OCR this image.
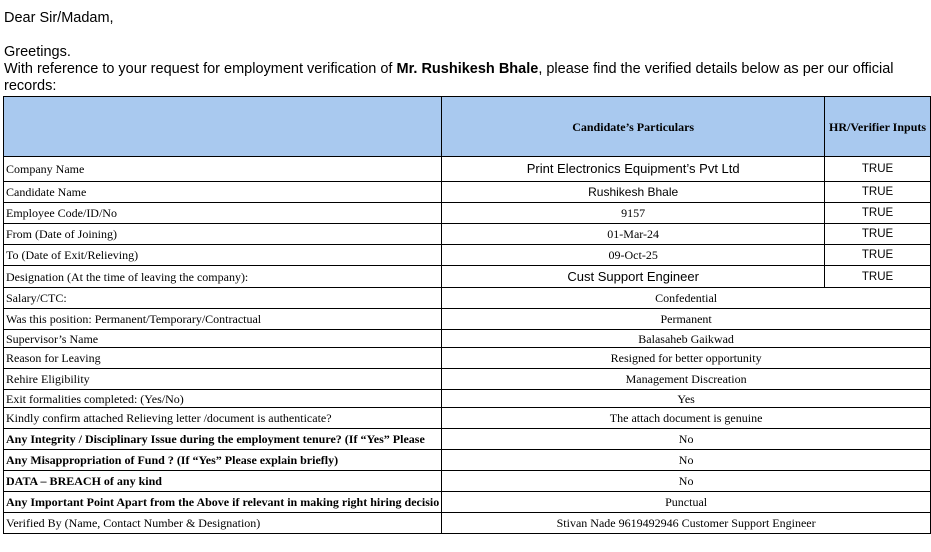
Dear Sir/Madam,

Greetings.

With reference to your request for employment verification of Mr. Rushikesh Bhale, please find the verified details below as per our official records:

	Candidate’s Particulars	HR/Verifier Inputs
Company Name	Print Electronics Equipment’s Pvt Ltd	TRUE
Candidate Name	Rushikesh Bhale	TRUE
Employee Code/ID/No	9157	TRUE
From (Date of Joining)	01-Mar-24	TRUE
To (Date of Exit/Relieving)	09-Oct-25	TRUE
Designation (At the time of leaving the company):	Cust Support Engineer	TRUE
Salary/CTC:	Confedential	
Was this position: Permanent/Temporary/Contractual	Permanent	
Supervisor’s Name	Balasaheb Gaikwad	
Reason for Leaving	Resigned for better opportunity	
Rehire Eligibility	Management Discreation	
Exit formalities completed: (Yes/No)	Yes	
Kindly confirm attached Relieving letter /document is authenticate?	The attach document is genuine	
Any Integrity / Disciplinary Issue during the employment tenure? (If “Yes” Please	No	
Any Misappropriation of Fund ? (If “Yes” Please explain briefly)	No	
DATA – BREACH of any kind	No	
Any Important Point Apart from the Above if relevant in making right hiring decisio	Punctual	
Verified By (Name, Contact Number & Designation)	Stivan Nade 9619492946 Customer Support Engineer	
